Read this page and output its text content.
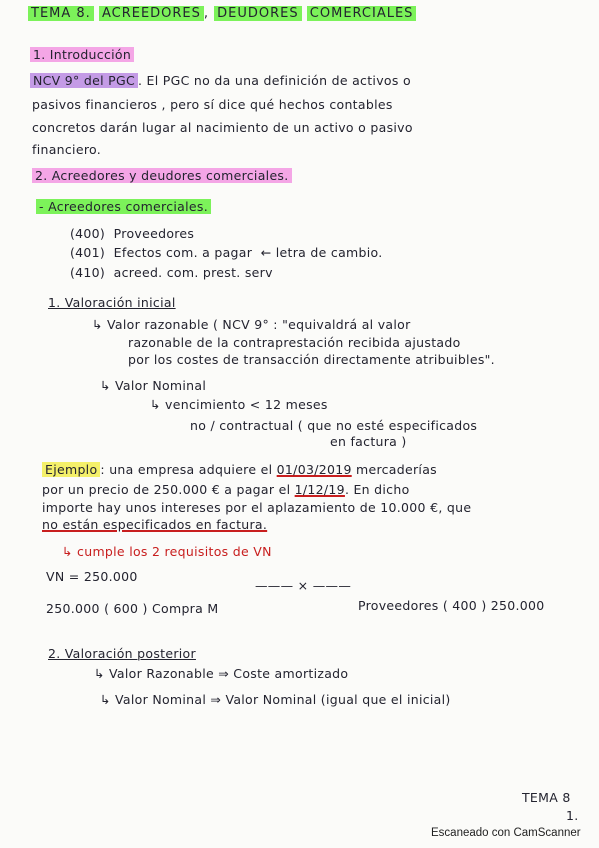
TEMA 8. ACREEDORES , DEUDORES COMERCIALES
1. Introducción
NCV 9° del PGC . El PGC no da una definición de activos o
pasivos financieros , pero sí dice qué hechos contables
concretos darán lugar al nacimiento de un activo o pasivo
financiero.
2. Acreedores y deudores comerciales.
- Acreedores comerciales.
(400) Proveedores
(401) Efectos com. a pagar ← letra de cambio.
(410) acreed. com. prest. serv
1. Valoración inicial
↳ Valor razonable ( NCV 9° : "equivaldrá al valor
razonable de la contraprestación recibida ajustado
por los costes de transacción directamente atribuibles".
↳ Valor Nominal
↳ vencimiento < 12 meses
no ∕ contractual ( que no esté especificados
en factura )
Ejemplo : una empresa adquiere el 01/03/2019 mercaderías
por un precio de 250.000 € a pagar el 1/12/19. En dicho
importe hay unos intereses por el aplazamiento de 10.000 €, que
no están especificados en factura.
↳ cumple los 2 requisitos de VN
VN = 250.000
——— × ———
250.000 ( 600 ) Compra M	Proveedores ( 400 ) 250.000
2. Valoración posterior
↳ Valor Razonable ⇒ Coste amortizado
↳ Valor Nominal ⇒ Valor Nominal (igual que el inicial)
TEMA 8
1.
Escaneado con CamScanner
